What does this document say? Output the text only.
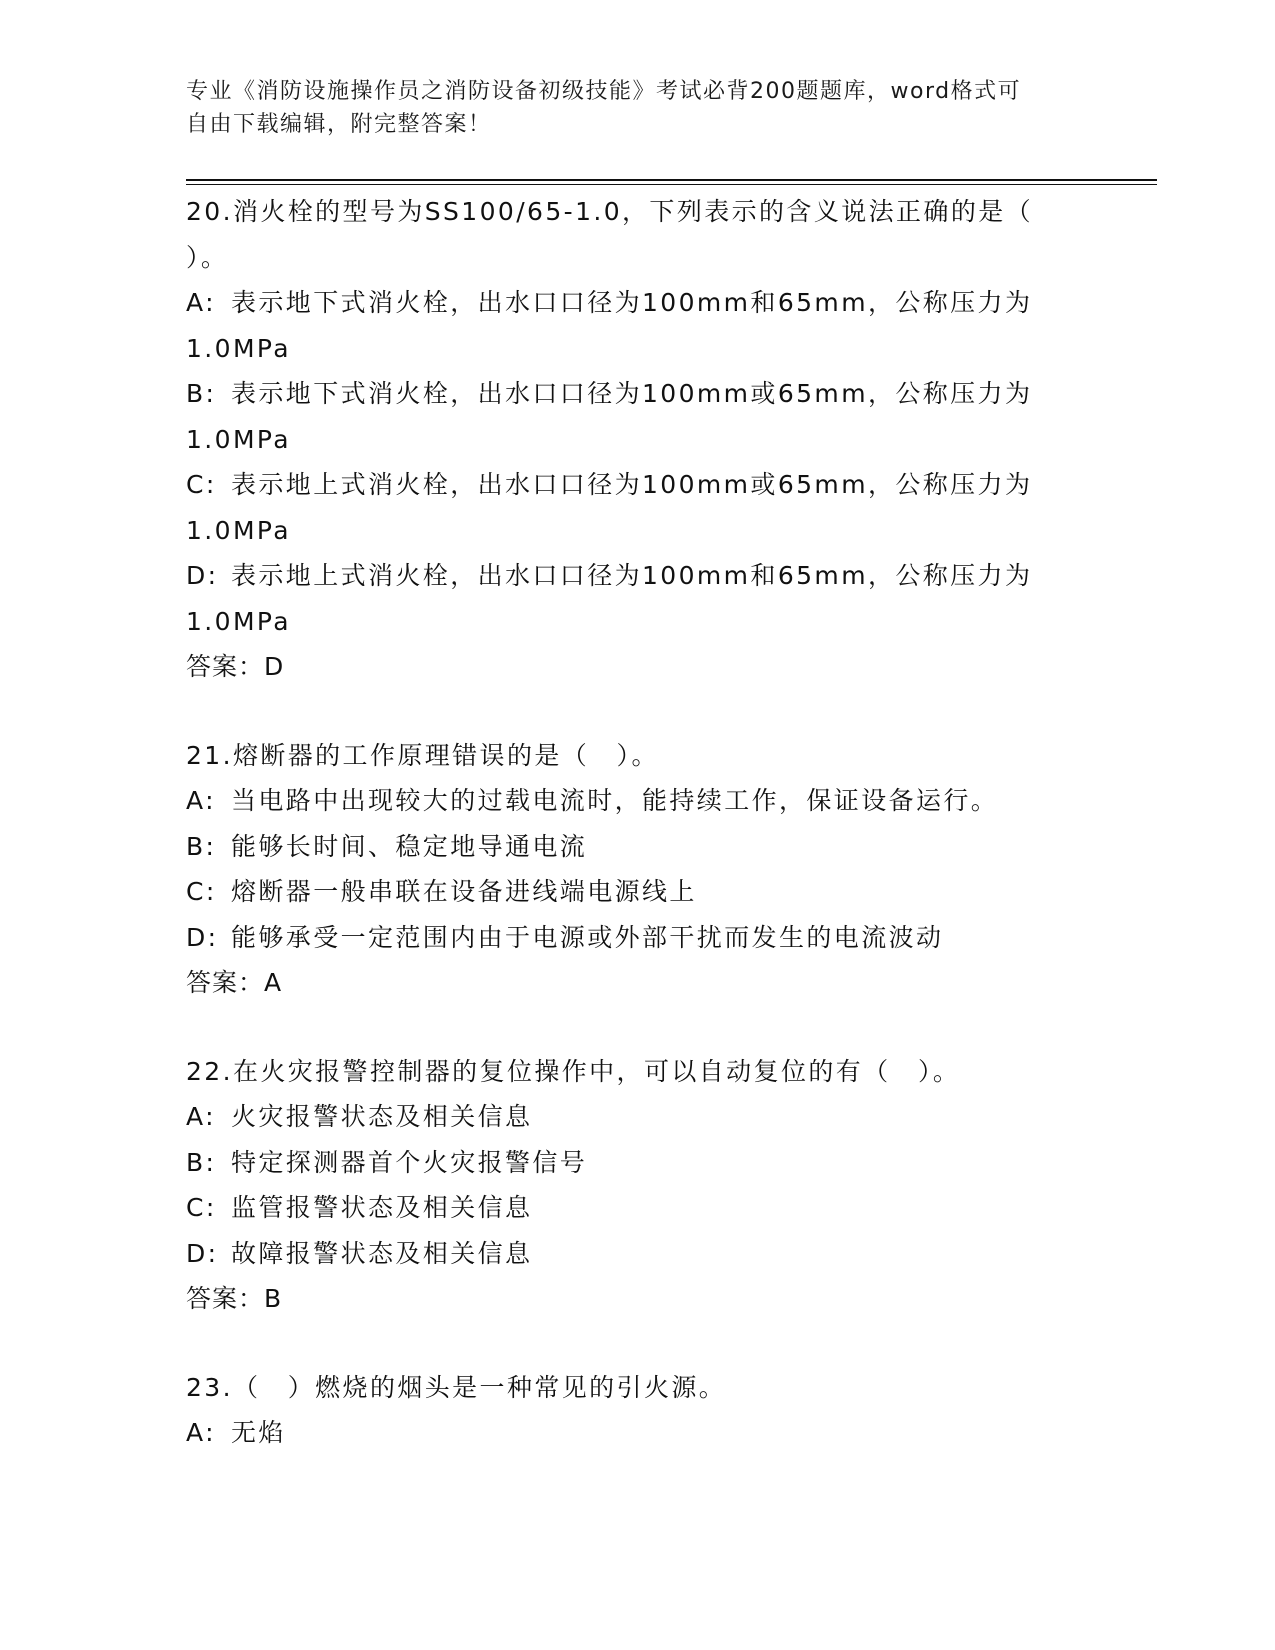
专业《消防设施操作员之消防设备初级技能》考试必背200题题库，word格式可
自由下载编辑，附完整答案！
20.消火栓的型号为SS100/65-1.0，下列表示的含义说法正确的是（
）。
A: 表示地下式消火栓，出水口口径为100mm和65mm，公称压力为
1.0MPa
B: 表示地下式消火栓，出水口口径为100mm或65mm，公称压力为
1.0MPa
C: 表示地上式消火栓，出水口口径为100mm或65mm，公称压力为
1.0MPa
D: 表示地上式消火栓，出水口口径为100mm和65mm，公称压力为
1.0MPa
答案：D
21.熔断器的工作原理错误的是（　）。
A: 当电路中出现较大的过载电流时，能持续工作，保证设备运行。
B: 能够长时间、稳定地导通电流
C: 熔断器一般串联在设备进线端电源线上
D: 能够承受一定范围内由于电源或外部干扰而发生的电流波动
答案：A
22.在火灾报警控制器的复位操作中，可以自动复位的有（　）。
A: 火灾报警状态及相关信息
B: 特定探测器首个火灾报警信号
C: 监管报警状态及相关信息
D: 故障报警状态及相关信息
答案：B
23.（　）燃烧的烟头是一种常见的引火源。
A: 无焰
